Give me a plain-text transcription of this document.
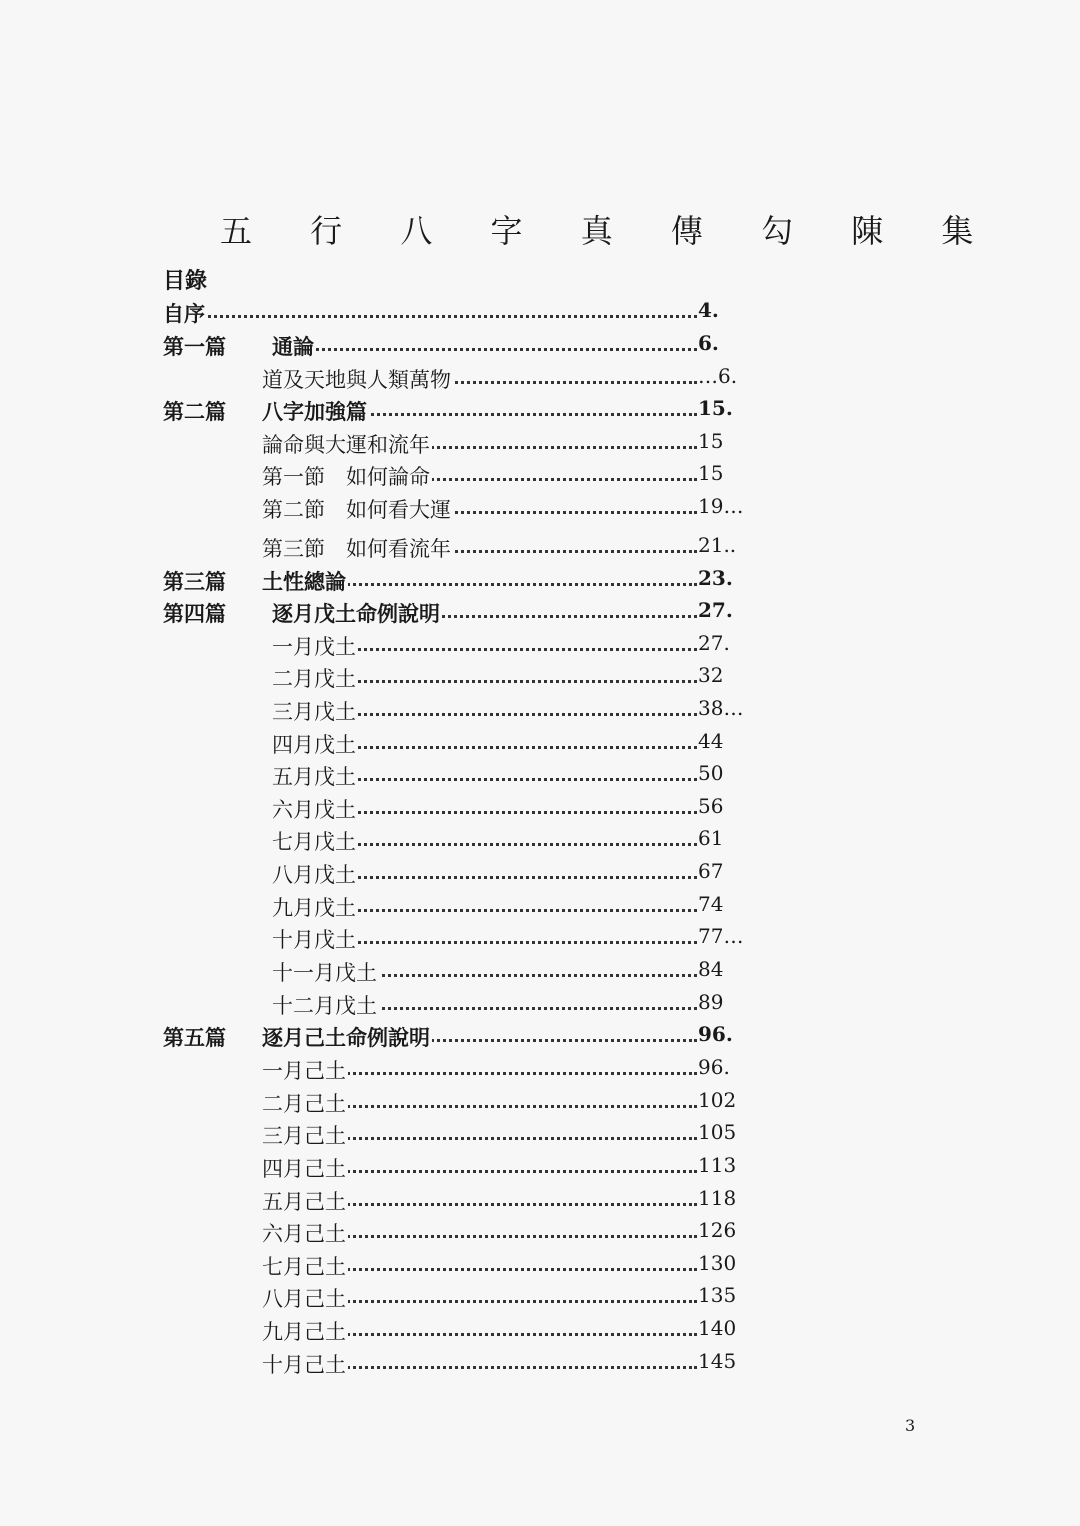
五 行 八 字 真 傳 勾 陳 集
目錄
自序	4.
第一篇 通論	6.
道及天地與人類萬物	…6.
第二篇 八字加強篇	15.
論命與大運和流年	15
第一節　如何論命	15
第二節　如何看大運	19…
第三節　如何看流年	21..
第三篇 土性總論	23.
第四篇 逐月戊土命例說明	27.
一月戊土	27.
二月戊土	32
三月戊土	38…
四月戊土	44
五月戊土	50
六月戊土	56
七月戊土	61
八月戊土	67
九月戊土	74
十月戊土	77…
十一月戊土	84
十二月戊土	89
第五篇 逐月己土命例說明	96.
一月己土	96.
二月己土	102
三月己土	105
四月己土	113
五月己土	118
六月己土	126
七月己土	130
八月己土	135
九月己土	140
十月己土	145
3
